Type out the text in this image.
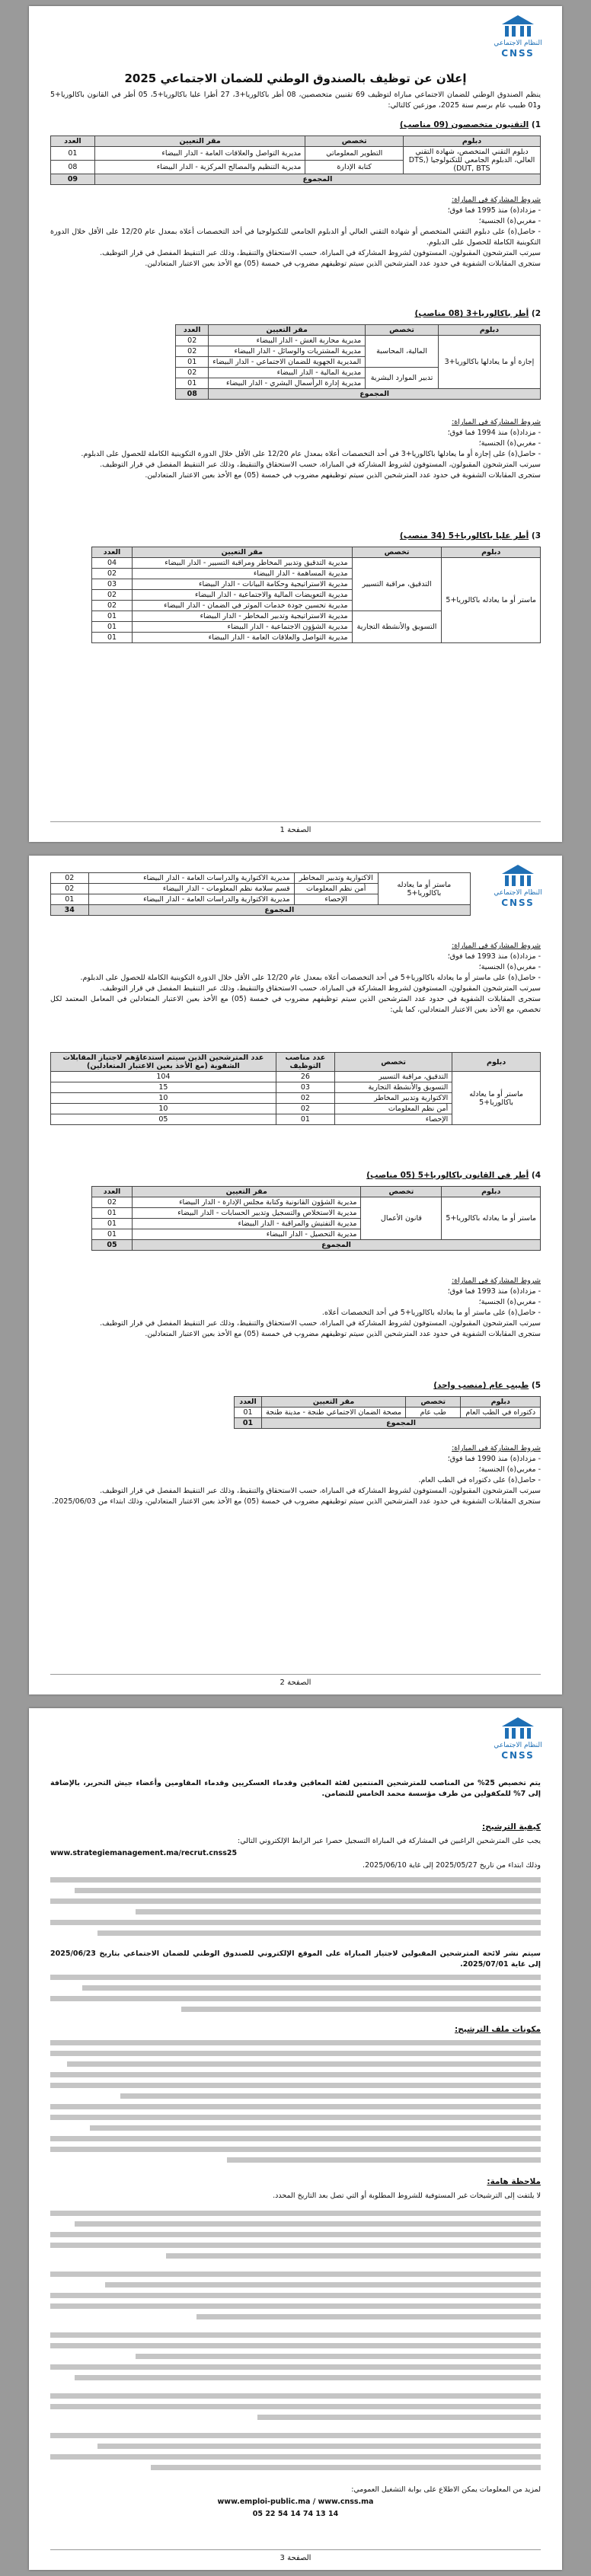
النظام الاجتماعي
CNSS
إعلان عن توظيف بالصندوق الوطني للضمان الاجتماعي 2025
ينظم الصندوق الوطني للضمان الاجتماعي مباراة لتوظيف 69 تقنيين متخصصين، 08 أطر باكالوريا+3، 27 أطرا عليا باكالوريا+5، 05 أطر في القانون باكالوريا+5 و01 طبيب عام برسم سنة 2025، موزعين كالتالي:
1) التقنيون متخصصون (09 مناصب)
دبلوم	تخصص	مقر التعيين	العدد
دبلوم التقني المتخصص، شهادة التقني العالي، الدبلوم الجامعي للتكنولوجيا (DTS, DUT, BTS)	التطوير المعلوماتي	مديرية التواصل والعلاقات العامة - الدار البيضاء	01
	كتابة الإدارة	مديرية التنظيم والمصالح المركزية - الدار البيضاء	08
المجموع			09
شروط المشاركة في المباراة:
- مزداد(ة) منذ 1995 فما فوق؛
- مغربي(ة) الجنسية؛
- حاصل(ة) على دبلوم التقني المتخصص أو شهادة التقني العالي أو الدبلوم الجامعي للتكنولوجيا في أحد التخصصات أعلاه بمعدل عام 12/20 على الأقل خلال الدورة التكوينية الكاملة للحصول على الدبلوم.
سيرتب المترشحون المقبولون، المستوفون لشروط المشاركة في المباراة، حسب الاستحقاق والتنقيط، وذلك عبر التنقيط المفصل في قرار التوظيف.
ستجرى المقابلات الشفوية في حدود عدد المترشحين الذين سيتم توظيفهم مضروب في خمسة (05) مع الأخذ بعين الاعتبار المتعادلين.
2) أطر باكالوريا+3 (08 مناصب)
دبلوم	تخصص	مقر التعيين	العدد
إجازة أو ما يعادلها باكالوريا+3	المالية، المحاسبة	مديرية محاربة الغش - الدار البيضاء	02
		مديرية المشتريات والوسائل - الدار البيضاء	02
		المديرية الجهوية للضمان الاجتماعي - الدار البيضاء	01
	تدبير الموارد البشرية	مديرية المالية - الدار البيضاء	02
		مديرية إدارة الرأسمال البشري - الدار البيضاء	01
المجموع			08
شروط المشاركة في المباراة:
- مزداد(ة) منذ 1994 فما فوق؛
- مغربي(ة) الجنسية؛
- حاصل(ة) على إجازة أو ما يعادلها باكالوريا+3 في أحد التخصصات أعلاه بمعدل عام 12/20 على الأقل خلال الدورة التكوينية الكاملة للحصول على الدبلوم.
سيرتب المترشحون المقبولون، المستوفون لشروط المشاركة في المباراة، حسب الاستحقاق والتنقيط، وذلك عبر التنقيط المفصل في قرار التوظيف.
ستجرى المقابلات الشفوية في حدود عدد المترشحين الذين سيتم توظيفهم مضروب في خمسة (05) مع الأخذ بعين الاعتبار المتعادلين.
3) أطر عليا باكالوريا+5 (34 منصب)
دبلوم	تخصص	مقر التعيين	العدد
ماستر أو ما يعادله باكالوريا+5	التدقيق، مراقبة التسيير	مديرية التدقيق وتدبير المخاطر ومراقبة التسيير - الدار البيضاء	04
		مديرية المساهمة - الدار البيضاء	02
		مديرية الاستراتيجية وحكامة البيانات - الدار البيضاء	03
		مديرية التعويضات المالية والاجتماعية - الدار البيضاء	02
		مديرية تحسين جودة خدمات الموثر في الضمان - الدار البيضاء	02
	التسويق والأنشطة التجارية	مديرية الاستراتيجية وتدبير المخاطر - الدار البيضاء	01
		مديرية الشؤون الاجتماعية - الدار البيضاء	01
		مديرية التواصل والعلاقات العامة - الدار البيضاء	01
الصفحة 1
النظام الاجتماعي
CNSS
ماستر أو ما يعادله باكالوريا+5	الاكتوارية وتدبير المخاطر	مديرية الاكتوارية والدراسات العامة - الدار البيضاء	02
	أمن نظم المعلومات	قسم سلامة نظم المعلومات - الدار البيضاء	02
	الإحصاء	مديرية الاكتوارية والدراسات العامة - الدار البيضاء	01
المجموع			34
شروط المشاركة في المباراة:
- مزداد(ة) منذ 1993 فما فوق؛
- مغربي(ة) الجنسية؛
- حاصل(ة) على ماستر أو ما يعادله باكالوريا+5 في أحد التخصصات أعلاه بمعدل عام 12/20 على الأقل خلال الدورة التكوينية الكاملة للحصول على الدبلوم.
سيرتب المترشحون المقبولون، المستوفون لشروط المشاركة في المباراة، حسب الاستحقاق والتنقيط، وذلك عبر التنقيط المفصل في قرار التوظيف.
ستجرى المقابلات الشفوية في حدود عدد المترشحين الذين سيتم توظيفهم مضروب في خمسة (05) مع الأخذ بعين الاعتبار المتعادلين في المعامل المعتمد لكل تخصص، مع الأخذ بعين الاعتبار المتعادلين، كما يلي:
دبلوم	تخصص	عدد مناصب التوظيف	عدد المترشحين الذين سيتم استدعاؤهم لاجتياز المقابلات الشفوية (مع الأخذ بعين الاعتبار المتعادلين)
ماستر أو ما يعادله باكالوريا+5	التدقيق، مراقبة التسيير	26	104
	التسويق والأنشطة التجارية	03	15
	الاكتوارية وتدبير المخاطر	02	10
	أمن نظم المعلومات	02	10
	الإحصاء	01	05
4) أطر في القانون باكالوريا+5 (05 مناصب)
دبلوم	تخصص	مقر التعيين	العدد
ماستر أو ما يعادله باكالوريا+5	قانون الأعمال	مديرية الشؤون القانونية وكتابة مجلس الإدارة - الدار البيضاء	02
		مديرية الاستخلاص والتسجيل وتدبير الحسابات - الدار البيضاء	01
		مديرية التفتيش والمراقبة - الدار البيضاء	01
		مديرية التحصيل - الدار البيضاء	01
المجموع			05
شروط المشاركة في المباراة:
- مزداد(ة) منذ 1993 فما فوق؛
- مغربي(ة) الجنسية؛
- حاصل(ة) على ماستر أو ما يعادله باكالوريا+5 في أحد التخصصات أعلاه.
سيرتب المترشحون المقبولون، المستوفون لشروط المشاركة في المباراة، حسب الاستحقاق والتنقيط، وذلك عبر التنقيط المفصل في قرار التوظيف.
ستجرى المقابلات الشفوية في حدود عدد المترشحين الذين سيتم توظيفهم مضروب في خمسة (05) مع الأخذ بعين الاعتبار المتعادلين.
5) طبيب عام (منصب واحد)
دبلوم	تخصص	مقر التعيين	العدد
دكتوراه في الطب العام	طب عام	مصحة الضمان الاجتماعي طنجة - مدينة طنجة	01
المجموع			01
شروط المشاركة في المباراة:
- مزداد(ة) منذ 1990 فما فوق؛
- مغربي(ة) الجنسية؛
- حاصل(ة) على دكتوراه في الطب العام.
سيرتب المترشحون المقبولون، المستوفون لشروط المشاركة في المباراة، حسب الاستحقاق والتنقيط، وذلك عبر التنقيط المفصل في قرار التوظيف.
ستجرى المقابلات الشفوية في حدود عدد المترشحين الذين سيتم توظيفهم مضروب في خمسة (05) مع الأخذ بعين الاعتبار المتعادلين، وذلك ابتداء من 2025/06/03.
الصفحة 2
النظام الاجتماعي
CNSS
يتم تخصيص 25% من المناصب للمترشحين المنتمين لفئة المعاقين وقدماء العسكريين وقدماء المقاومين وأعضاء جيش التحرير، بالإضافة إلى 7% للمكفولين من طرف مؤسسة محمد الخامس للتضامن.
كيفية الترشيح:
يجب على المترشحين الراغبين في المشاركة في المباراة التسجيل حصرا عبر الرابط الإلكتروني التالي:
www.strategiemanagement.ma/recrut.cnss25
وذلك ابتداء من تاريخ 2025/05/27 إلى غاية 2025/06/10.
سيتم نشر لائحة المترشحين المقبولين لاجتياز المباراة على الموقع الإلكتروني للصندوق الوطني للضمان الاجتماعي بتاريخ 2025/06/23 إلى غاية 2025/07/01.
مكونات ملف الترشيح:
ملاحظة هامة:
لا يلتفت إلى الترشيحات غير المستوفية للشروط المطلوبة أو التي تصل بعد التاريخ المحدد.
لمزيد من المعلومات يمكن الاطلاع على بوابة التشغيل العمومي:
www.emploi-public.ma / www.cnss.ma
05 22 54 14 74 13 14
الصفحة 3
